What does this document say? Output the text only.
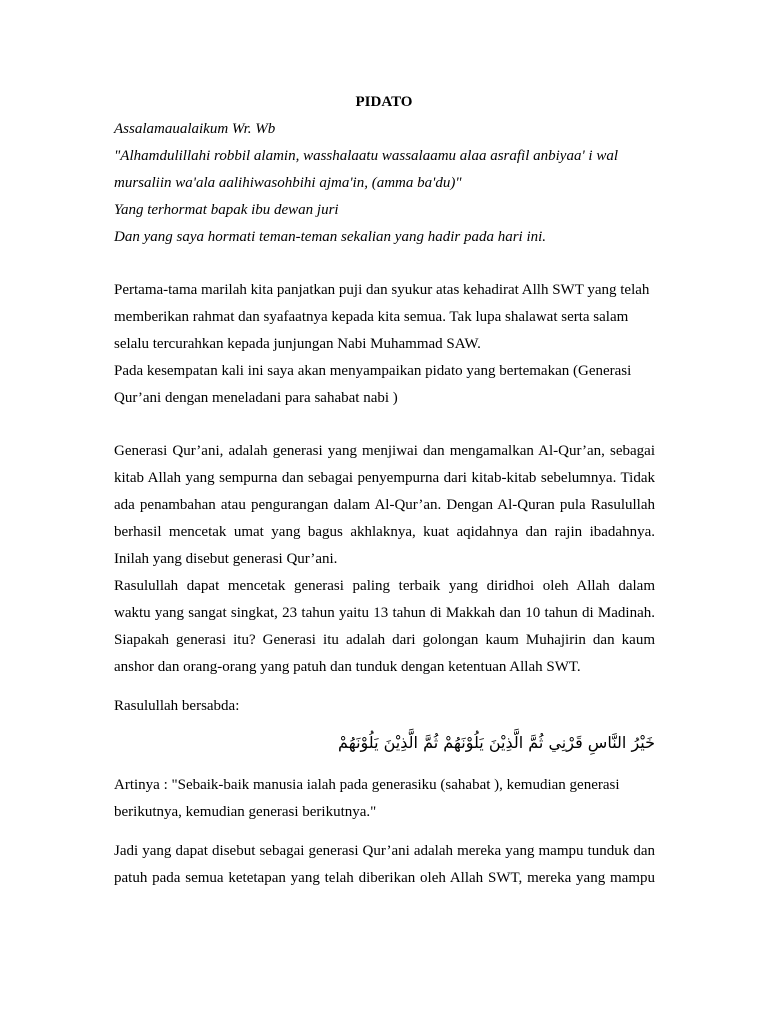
PIDATO
Assalamaualaikum Wr. Wb
"Alhamdulillahi robbil alamin, wasshalaatu wassalaamu alaa asrafil anbiyaa' i wal
mursaliin wa'ala aalihiwasohbihi ajma'in, (amma ba'du)"
Yang terhormat bapak ibu dewan juri
Dan yang saya hormati teman-teman sekalian yang hadir pada hari ini.
Pertama-tama marilah kita panjatkan puji dan syukur atas kehadirat Allh SWT yang telah
memberikan rahmat dan syafaatnya kepada kita semua. Tak lupa shalawat serta salam
selalu tercurahkan kepada junjungan Nabi Muhammad SAW.
Pada kesempatan kali ini saya akan menyampaikan pidato yang bertemakan (Generasi
Qur’ani dengan meneladani para sahabat nabi )
Generasi Qur’ani, adalah generasi yang menjiwai dan mengamalkan Al-Qur’an, sebagai
kitab Allah yang sempurna dan sebagai penyempurna dari kitab-kitab sebelumnya. Tidak
ada penambahan atau pengurangan dalam Al-Qur’an. Dengan Al-Quran pula Rasulullah
berhasil mencetak umat yang bagus akhlaknya, kuat aqidahnya dan rajin ibadahnya.
Inilah yang disebut generasi Qur’ani.
Rasulullah dapat mencetak generasi paling terbaik yang diridhoi oleh Allah dalam
waktu yang sangat singkat, 23 tahun yaitu 13 tahun di Makkah dan 10 tahun di Madinah.
Siapakah generasi itu? Generasi itu adalah dari golongan kaum Muhajirin dan kaum
anshor dan orang-orang yang patuh dan tunduk dengan ketentuan Allah SWT.
Rasulullah bersabda:
خَيْرُ النَّاسِ قَرْنِي ثُمَّ الَّذِيْنَ يَلُوْنَهُمْ ثُمَّ الَّذِيْنَ يَلُوْنَهُمْ
Artinya : "Sebaik-baik manusia ialah pada generasiku (sahabat ), kemudian generasi
berikutnya, kemudian generasi berikutnya."
Jadi yang dapat disebut sebagai generasi Qur’ani adalah mereka yang mampu tunduk dan
patuh pada semua ketetapan yang telah diberikan oleh Allah SWT, mereka yang mampu
